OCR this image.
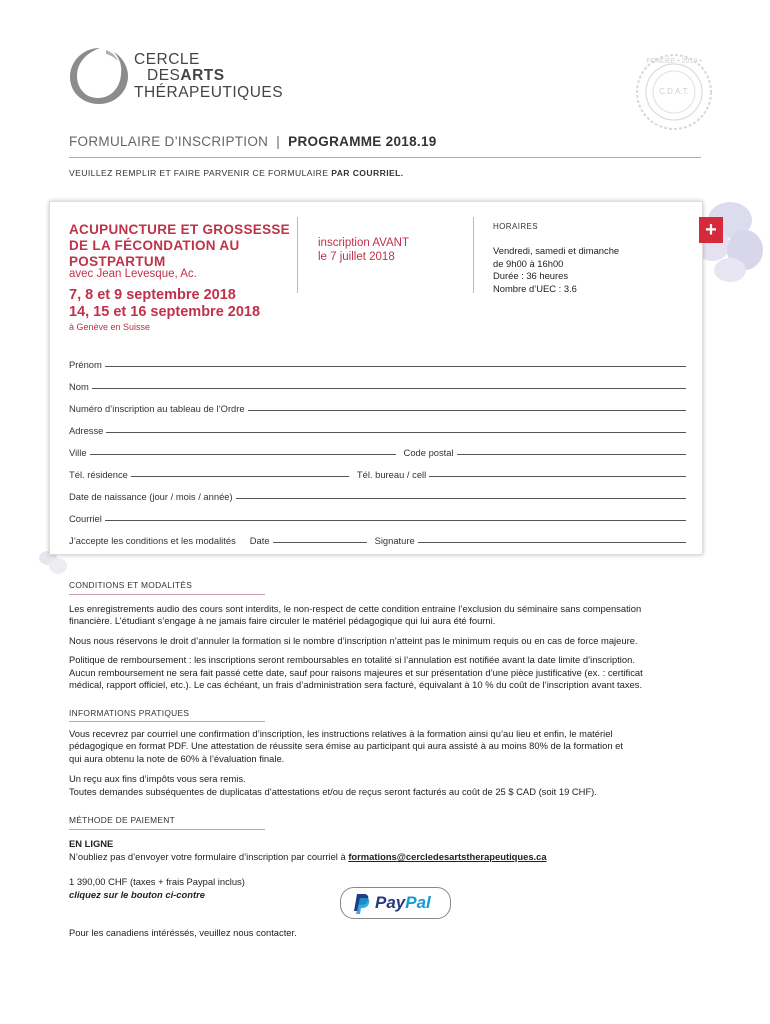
CERCLE
DESARTS
THÉRAPEUTIQUES
FONDÉE • 2010 •
C.D.A.T.
FORMULAIRE D’INSCRIPTION | PROGRAMME 2018.19
VEUILLEZ REMPLIR ET FAIRE PARVENIR CE FORMULAIRE PAR COURRIEL.
+
ACUPUNCTURE ET GROSSESSE
DE LA FÉCONDATION AU
POSTPARTUM
avec Jean Levesque, Ac.
7, 8 et 9 septembre 2018
14, 15 et 16 septembre 2018
à Genève en Suisse
inscription AVANT
le 7 juillet 2018
HORAIRES
Vendredi, samedi et dimanche
de 9h00 à 16h00
Durée : 36 heures
Nombre d’UEC : 3.6
Prénom
Nom
Numéro d’inscription au tableau de l’Ordre
Adresse
Ville	Code postal
Tél. résidence	Tél. bureau / cell
Date de naissance (jour / mois / année)
Courriel
J’accepte les conditions et les modalités Date	Signature
CONDITIONS ET MODALITÉS
Les enregistrements audio des cours sont interdits, le non-respect de cette condition entraine l’exclusion du séminaire sans compensation
financière. L’étudiant s’engage à ne jamais faire circuler le matériel pédagogique qui lui aura été fourni.
Nous nous réservons le droit d’annuler la formation si le nombre d’inscription n’atteint pas le minimum requis ou en cas de force majeure.
Politique de remboursement : les inscriptions seront remboursables en totalité si l’annulation est notifiée avant la date limite d’inscription.
Aucun remboursement ne sera fait passé cette date, sauf pour raisons majeures et sur présentation d’une pièce justificative (ex. : certificat
médical, rapport officiel, etc.). Le cas échéant, un frais d’administration sera facturé, équivalant à 10 % du coût de l’inscription avant taxes.
INFORMATIONS PRATIQUES
Vous recevrez par courriel une confirmation d’inscription, les instructions relatives à la formation ainsi qu’au lieu et enfin, le matériel
pédagogique en format PDF. Une attestation de réussite sera émise au participant qui aura assisté à au moins 80% de la formation et
qui aura obtenu la note de 60% à l’évaluation finale.
Un reçu aux fins d’impôts vous sera remis.
Toutes demandes subséquentes de duplicatas d’attestations et/ou de reçus seront facturés au coût de 25 $ CAD (soit 19 CHF).
MÉTHODE DE PAIEMENT
EN LIGNE
N’oubliez pas d’envoyer votre formulaire d’inscription par courriel à formations@cercledesartstherapeutiques.ca
1 390,00 CHF (taxes + frais Paypal inclus)
cliquez sur le bouton ci-contre	PayPal
Pour les canadiens intéréssés, veuillez nous contacter.
